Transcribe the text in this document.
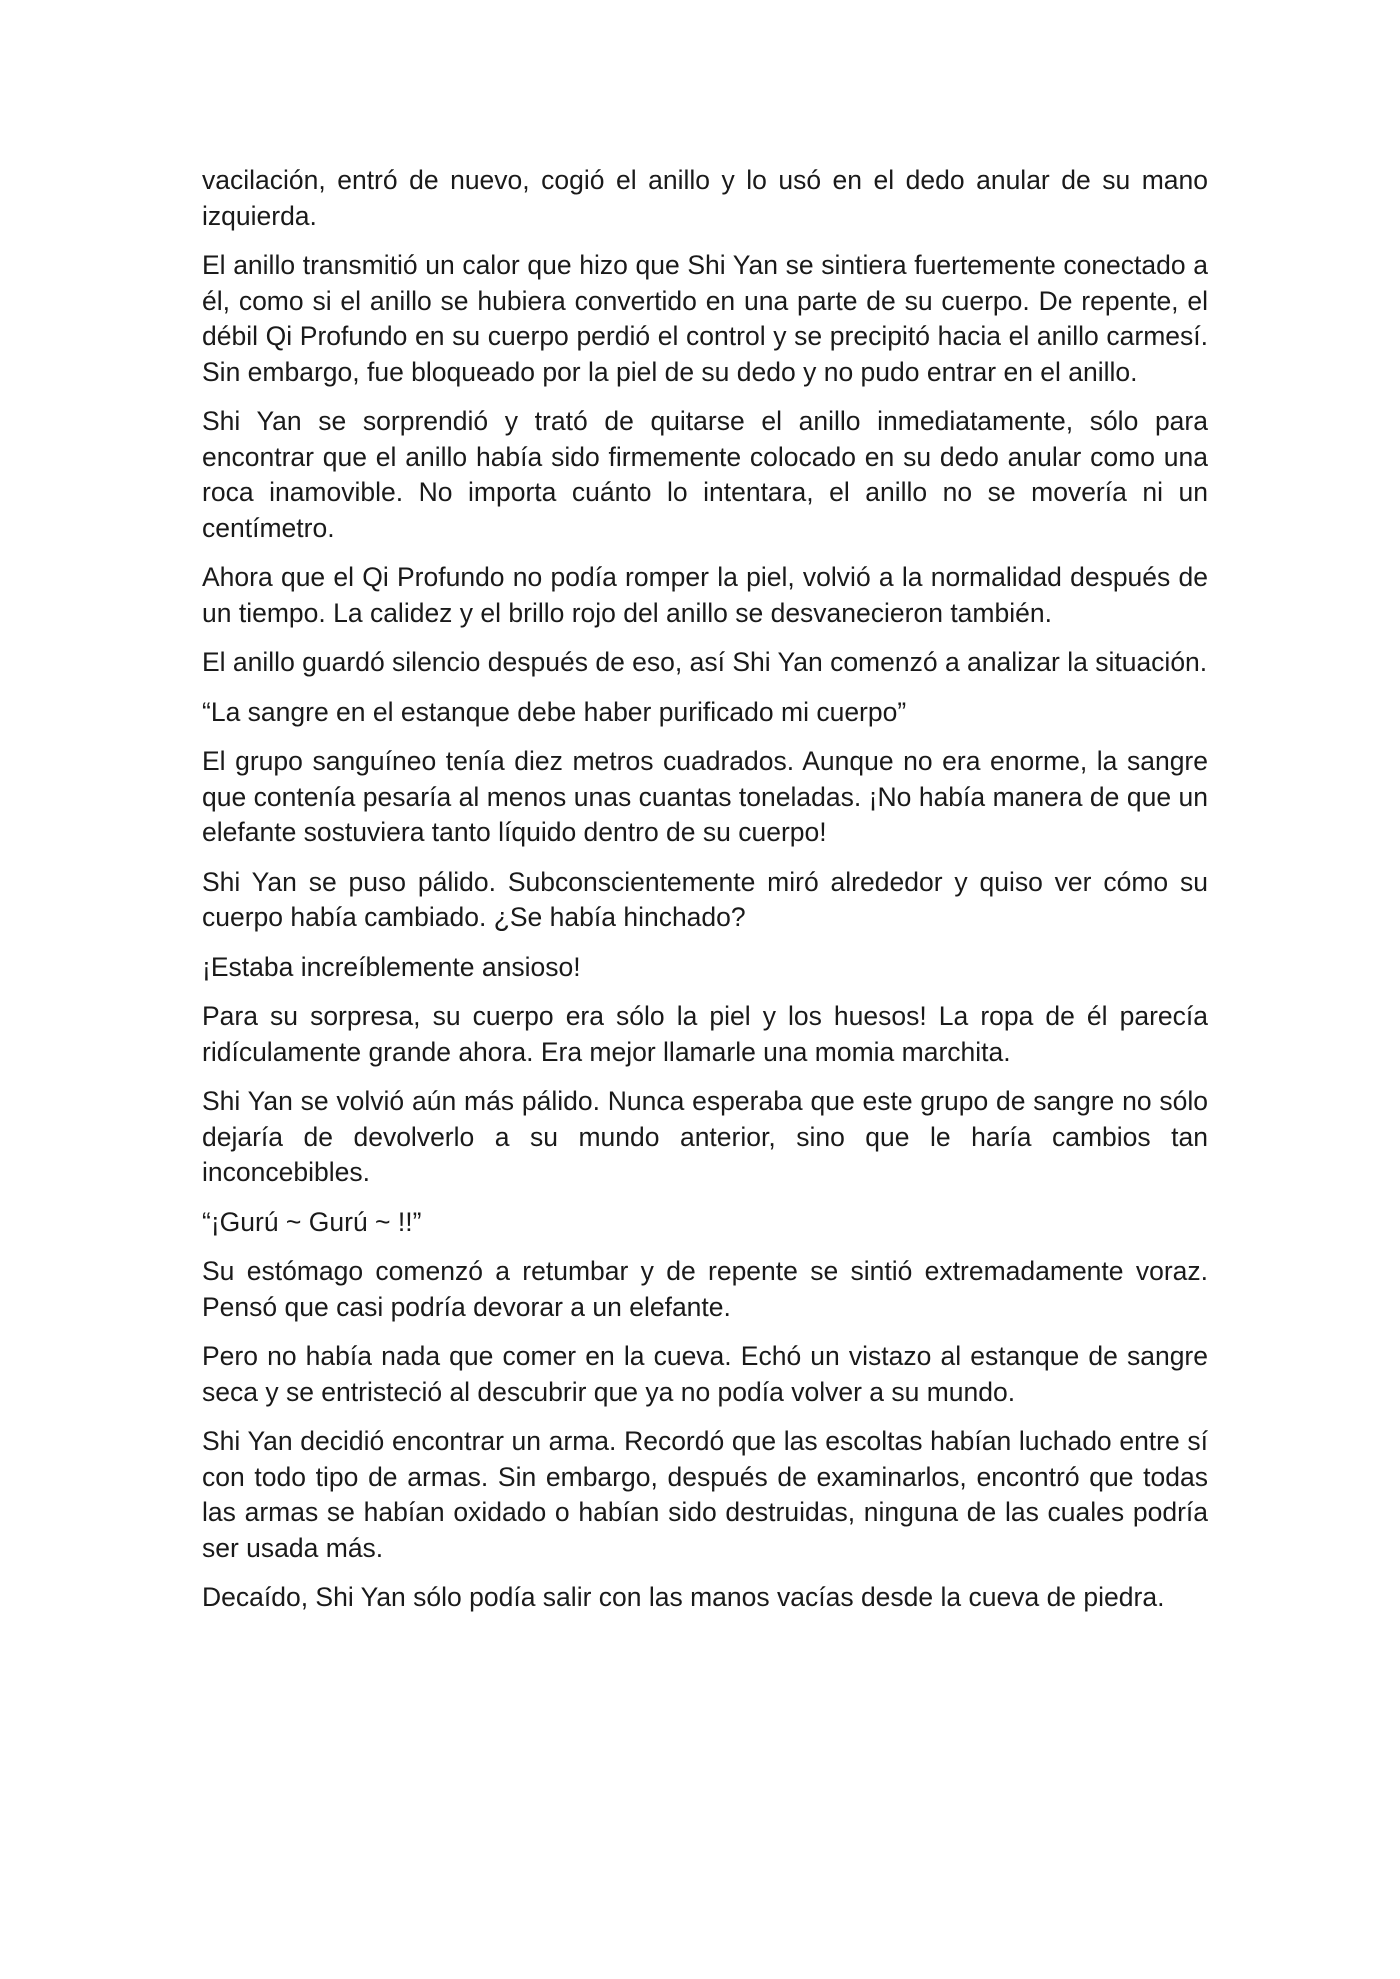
vacilación, entró de nuevo, cogió el anillo y lo usó en el dedo anular de su mano izquierda.

El anillo transmitió un calor que hizo que Shi Yan se sintiera fuertemente conectado a él, como si el anillo se hubiera convertido en una parte de su cuerpo. De repente, el débil Qi Profundo en su cuerpo perdió el control y se precipitó hacia el anillo carmesí. Sin embargo, fue bloqueado por la piel de su dedo y no pudo entrar en el anillo.

Shi Yan se sorprendió y trató de quitarse el anillo inmediatamente, sólo para encontrar que el anillo había sido firmemente colocado en su dedo anular como una roca inamovible. No importa cuánto lo intentara, el anillo no se movería ni un centímetro.

Ahora que el Qi Profundo no podía romper la piel, volvió a la normalidad después de un tiempo. La calidez y el brillo rojo del anillo se desvanecieron también.

El anillo guardó silencio después de eso, así Shi Yan comenzó a analizar la situación.

“La sangre en el estanque debe haber purificado mi cuerpo”

El grupo sanguíneo tenía diez metros cuadrados. Aunque no era enorme, la sangre que contenía pesaría al menos unas cuantas toneladas. ¡No había manera de que un elefante sostuviera tanto líquido dentro de su cuerpo!

Shi Yan se puso pálido. Subconscientemente miró alrededor y quiso ver cómo su cuerpo había cambiado. ¿Se había hinchado?

¡Estaba increíblemente ansioso!

Para su sorpresa, su cuerpo era sólo la piel y los huesos! La ropa de él parecía ridículamente grande ahora. Era mejor llamarle una momia marchita.

Shi Yan se volvió aún más pálido. Nunca esperaba que este grupo de sangre no sólo dejaría de devolverlo a su mundo anterior, sino que le haría cambios tan inconcebibles.

“¡Gurú ~ Gurú ~ !!”

Su estómago comenzó a retumbar y de repente se sintió extremadamente voraz. Pensó que casi podría devorar a un elefante.

Pero no había nada que comer en la cueva. Echó un vistazo al estanque de sangre seca y se entristeció al descubrir que ya no podía volver a su mundo.

Shi Yan decidió encontrar un arma. Recordó que las escoltas habían luchado entre sí con todo tipo de armas. Sin embargo, después de examinarlos, encontró que todas las armas se habían oxidado o habían sido destruidas, ninguna de las cuales podría ser usada más.

Decaído, Shi Yan sólo podía salir con las manos vacías desde la cueva de piedra.
